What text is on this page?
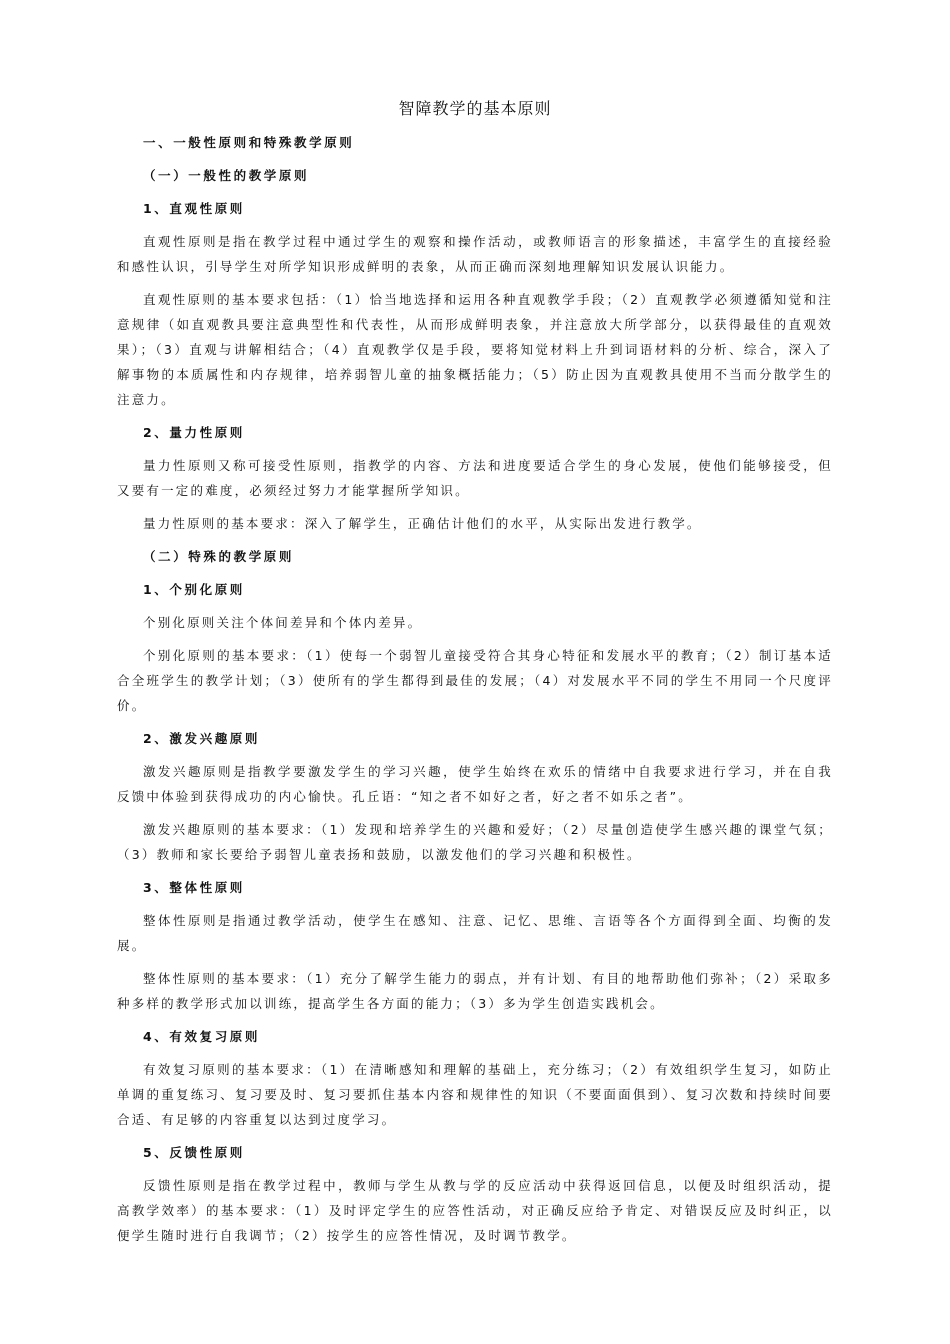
智障教学的基本原则
一、一般性原则和特殊教学原则
（一）一般性的教学原则
1、直观性原则
直观性原则是指在教学过程中通过学生的观察和操作活动，或教师语言的形象描述，丰富学生的直接经验和感性认识，引导学生对所学知识形成鲜明的表象，从而正确而深刻地理解知识发展认识能力。
直观性原则的基本要求包括：（1）恰当地选择和运用各种直观教学手段；（2）直观教学必须遵循知觉和注意规律（如直观教具要注意典型性和代表性，从而形成鲜明表象，并注意放大所学部分，以获得最佳的直观效果）；（3）直观与讲解相结合；（4）直观教学仅是手段，要将知觉材料上升到词语材料的分析、综合，深入了解事物的本质属性和内存规律，培养弱智儿童的抽象概括能力；（5）防止因为直观教具使用不当而分散学生的注意力。
2、量力性原则
量力性原则又称可接受性原则，指教学的内容、方法和进度要适合学生的身心发展，使他们能够接受，但又要有一定的难度，必须经过努力才能掌握所学知识。
量力性原则的基本要求：深入了解学生，正确估计他们的水平，从实际出发进行教学。
（二）特殊的教学原则
1、个别化原则
个别化原则关注个体间差异和个体内差异。
个别化原则的基本要求：（1）使每一个弱智儿童接受符合其身心特征和发展水平的教育；（2）制订基本适合全班学生的教学计划；（3）使所有的学生都得到最佳的发展；（4）对发展水平不同的学生不用同一个尺度评价。
2、激发兴趣原则
激发兴趣原则是指教学要激发学生的学习兴趣，使学生始终在欢乐的情绪中自我要求进行学习，并在自我反馈中体验到获得成功的内心愉快。孔丘语：“知之者不如好之者，好之者不如乐之者”。
激发兴趣原则的基本要求：（1）发现和培养学生的兴趣和爱好；（2）尽量创造使学生感兴趣的课堂气氛；（3）教师和家长要给予弱智儿童表扬和鼓励，以激发他们的学习兴趣和积极性。
3、整体性原则
整体性原则是指通过教学活动，使学生在感知、注意、记忆、思维、言语等各个方面得到全面、均衡的发展。
整体性原则的基本要求：（1）充分了解学生能力的弱点，并有计划、有目的地帮助他们弥补；（2）采取多种多样的教学形式加以训练，提高学生各方面的能力；（3）多为学生创造实践机会。
4、有效复习原则
有效复习原则的基本要求：（1）在清晰感知和理解的基础上，充分练习；（2）有效组织学生复习，如防止单调的重复练习、复习要及时、复习要抓住基本内容和规律性的知识（不要面面俱到）、复习次数和持续时间要合适、有足够的内容重复以达到过度学习。
5、反馈性原则
反馈性原则是指在教学过程中，教师与学生从教与学的反应活动中获得返回信息，以便及时组织活动，提高教学效率）的基本要求：（1）及时评定学生的应答性活动，对正确反应给予肯定、对错误反应及时纠正，以便学生随时进行自我调节；（2）按学生的应答性情况，及时调节教学。
